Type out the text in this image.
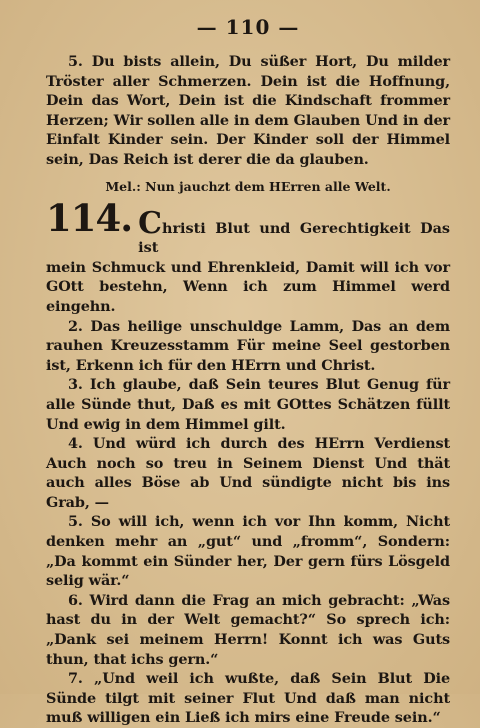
— 110 —

5. Du bists allein, Du süßer Hort, Du milder Tröster aller Schmerzen. Dein ist die Hoffnung, Dein das Wort, Dein ist die Kindschaft frommer Herzen; Wir sollen alle in dem Glauben Und in der Einfalt Kinder sein. Der Kinder soll der Himmel sein, Das Reich ist derer die da glauben.

Mel.: Nun jauchzt dem HErren alle Welt.
114. Christi Blut und Gerechtigkeit Das ist

mein Schmuck und Ehrenkleid, Damit will ich vor GOtt bestehn, Wenn ich zum Himmel werd eingehn.

2. Das heilige unschuldge Lamm, Das an dem rauhen Kreuzesstamm Für meine Seel gestorben ist, Erkenn ich für den HErrn und Christ.

3. Ich glaube, daß Sein teures Blut Genug für alle Sünde thut, Daß es mit GOttes Schätzen füllt Und ewig in dem Himmel gilt.

4. Und würd ich durch des HErrn Verdienst Auch noch so treu in Seinem Dienst Und thät auch alles Böse ab Und sündigte nicht bis ins Grab, —

5. So will ich, wenn ich vor Ihn komm, Nicht denken mehr an „gut“ und „fromm“, Sondern: „Da kommt ein Sünder her, Der gern fürs Lösgeld selig wär.“

6. Wird dann die Frag an mich gebracht: „Was hast du in der Welt gemacht?“ So sprech ich: „Dank sei meinem Herrn! Konnt ich was Guts thun, that ichs gern.“

7. „Und weil ich wußte, daß Sein Blut Die Sünde tilgt mit seiner Flut Und daß man nicht muß willigen ein Ließ ich mirs eine Freude sein.“
